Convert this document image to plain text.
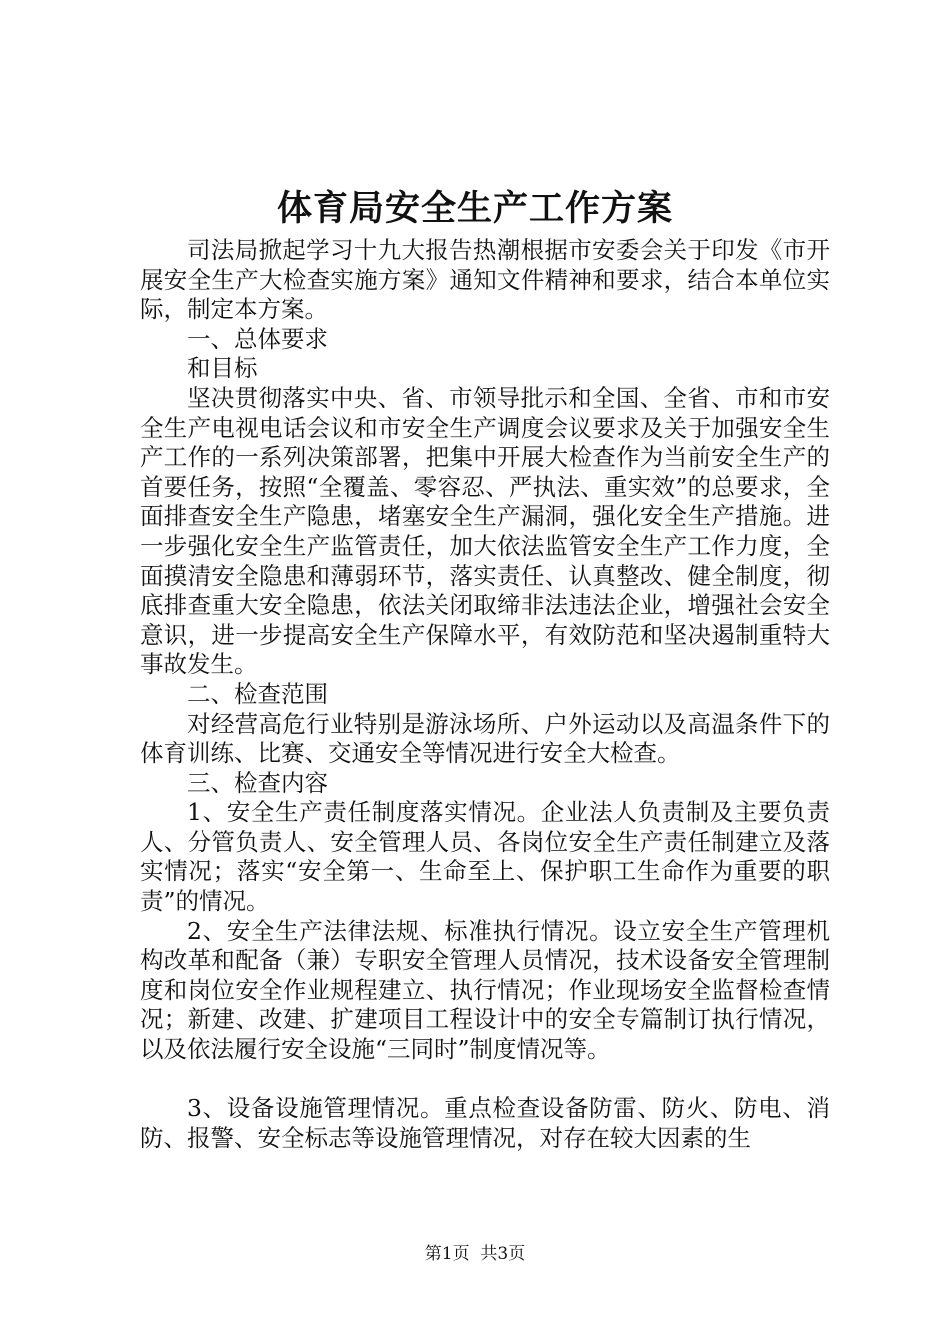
体育局安全生产工作方案

司法局掀起学习十九大报告热潮根据市安委会关于印发《市开展安全生产大检查实施方案》通知文件精神和要求，结合本单位实际，制定本方案。

一、总体要求

和目标

坚决贯彻落实中央、省、市领导批示和全国、全省、市和市安全生产电视电话会议和市安全生产调度会议要求及关于加强安全生产工作的一系列决策部署，把集中开展大检查作为当前安全生产的首要任务，按照“全覆盖、零容忍、严执法、重实效”的总要求，全面排查安全生产隐患，堵塞安全生产漏洞，强化安全生产措施。进一步强化安全生产监管责任，加大依法监管安全生产工作力度，全面摸清安全隐患和薄弱环节，落实责任、认真整改、健全制度，彻底排查重大安全隐患，依法关闭取缔非法违法企业，增强社会安全意识，进一步提高安全生产保障水平，有效防范和坚决遏制重特大事故发生。

二、检查范围

对经营高危行业特别是游泳场所、户外运动以及高温条件下的体育训练、比赛、交通安全等情况进行安全大检查。

三、检查内容

1、安全生产责任制度落实情况。企业法人负责制及主要负责人、分管负责人、安全管理人员、各岗位安全生产责任制建立及落实情况；落实“安全第一、生命至上、保护职工生命作为重要的职责”的情况。

2、安全生产法律法规、标准执行情况。设立安全生产管理机构改革和配备（兼）专职安全管理人员情况，技术设备安全管理制度和岗位安全作业规程建立、执行情况；作业现场安全监督检查情况；新建、改建、扩建项目工程设计中的安全专篇制订执行情况，以及依法履行安全设施“三同时”制度情况等。

3、设备设施管理情况。重点检查设备防雷、防火、防电、消防、报警、安全标志等设施管理情况，对存在较大因素的生

第1页 共3页
